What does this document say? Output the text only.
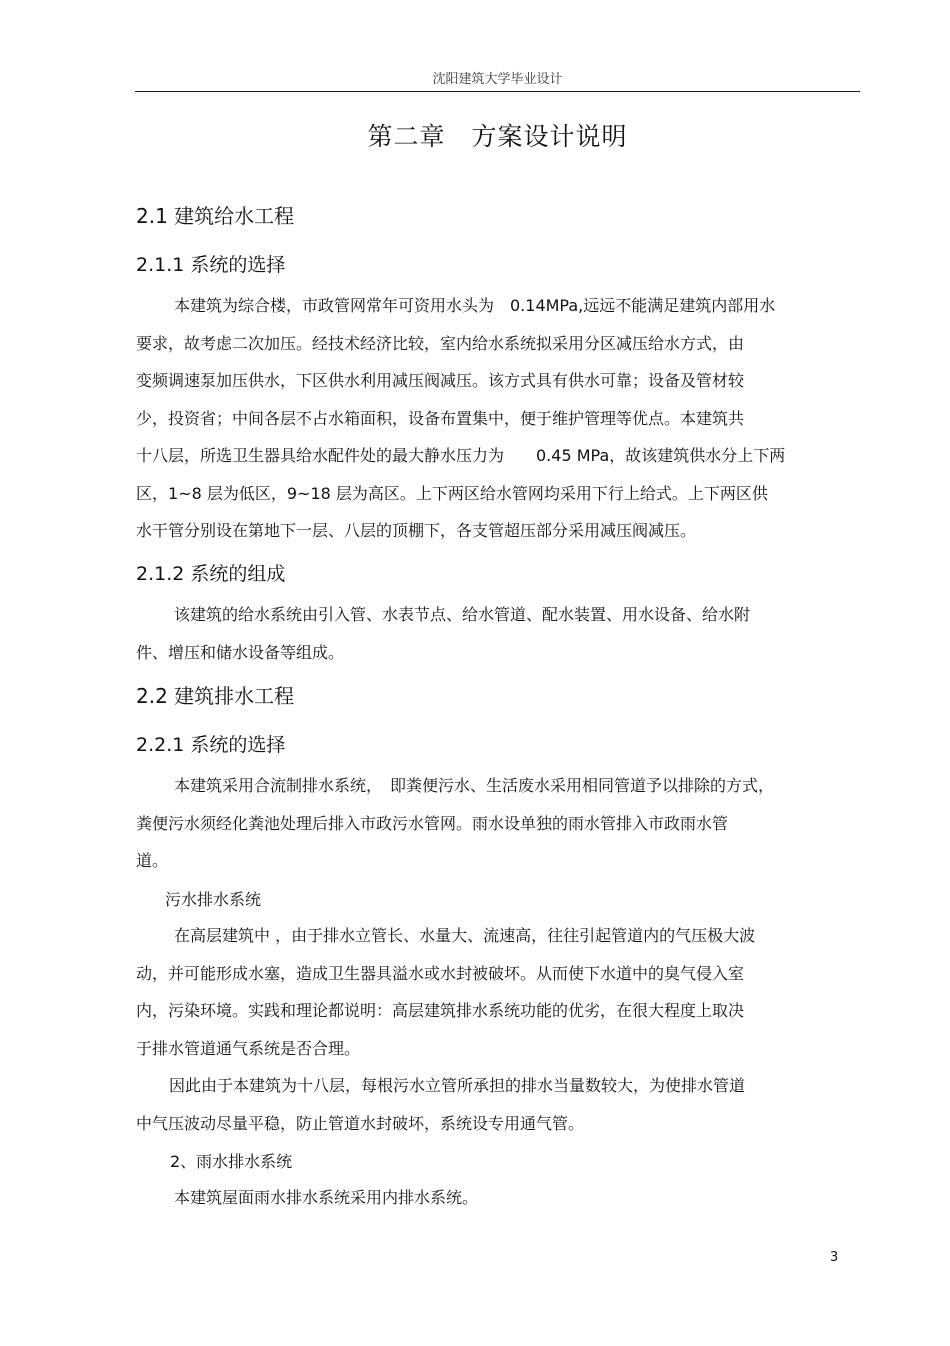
沈阳建筑大学毕业设计
第二章　方案设计说明
2.1 建筑给水工程
2.1.1 系统的选择
本建筑为综合楼，市政管网常年可资用水头为　0.14MPa,远远不能满足建筑内部用水
要求，故考虑二次加压。经技术经济比较，室内给水系统拟采用分区减压给水方式，由
变频调速泵加压供水，下区供水利用减压阀减压。该方式具有供水可靠；设备及管材较
少，投资省；中间各层不占水箱面积，设备布置集中，便于维护管理等优点。本建筑共
十八层，所选卫生器具给水配件处的最大静水压力为　　0.45 MPa，故该建筑供水分上下两
区，1~8 层为低区，9~18 层为高区。上下两区给水管网均采用下行上给式。上下两区供
水干管分别设在第地下一层、八层的顶棚下，各支管超压部分采用减压阀减压。
2.1.2 系统的组成
该建筑的给水系统由引入管、水表节点、给水管道、配水装置、用水设备、给水附
件、增压和储水设备等组成。
2.2 建筑排水工程
2.2.1 系统的选择
本建筑采用合流制排水系统，　即粪便污水、生活废水采用相同管道予以排除的方式，
粪便污水须经化粪池处理后排入市政污水管网。雨水设单独的雨水管排入市政雨水管
道。
污水排水系统
在高层建筑中 ，由于排水立管长、水量大、流速高，往往引起管道内的气压极大波
动，并可能形成水塞，造成卫生器具溢水或水封被破坏。从而使下水道中的臭气侵入室
内，污染环境。实践和理论都说明：高层建筑排水系统功能的优劣，在很大程度上取决
于排水管道通气系统是否合理。
因此由于本建筑为十八层，每根污水立管所承担的排水当量数较大，为使排水管道
中气压波动尽量平稳，防止管道水封破坏，系统设专用通气管。
2、雨水排水系统
本建筑屋面雨水排水系统采用内排水系统。
3
